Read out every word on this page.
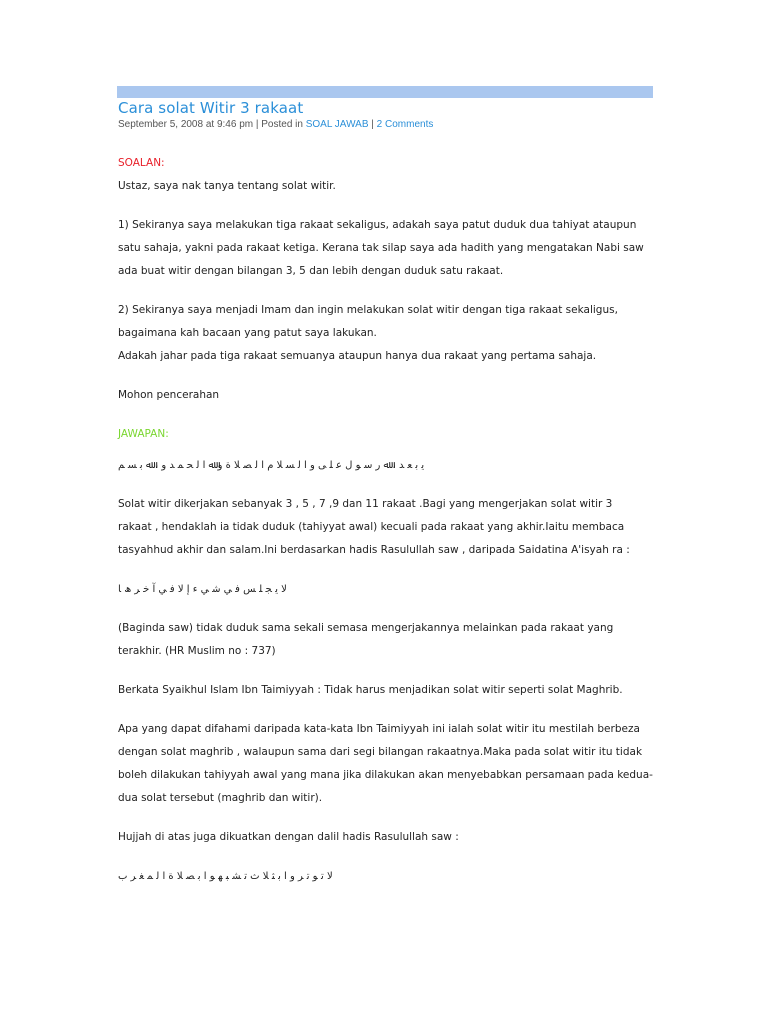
Cara solat Witir 3 rakaat
September 5, 2008 at 9:46 pm | Posted in SOAL JAWAB | 2 Comments
SOALAN:
Ustaz, saya nak tanya tentang solat witir.
1) Sekiranya saya melakukan tiga rakaat sekaligus, adakah saya patut duduk dua tahiyat ataupun
satu sahaja, yakni pada rakaat ketiga. Kerana tak silap saya ada hadith yang mengatakan Nabi saw
ada buat witir dengan bilangan 3, 5 dan lebih dengan duduk satu rakaat.
2) Sekiranya saya menjadi Imam dan ingin melakukan solat witir dengan tiga rakaat sekaligus,
bagaimana kah bacaan yang patut saya lakukan.
Adakah jahar pada tiga rakaat semuanya ataupun hanya dua rakaat yang pertama sahaja.
Mohon pencerahan
JAWAPAN:
ﯾ ﺑ ﻌ ﺪ ، ﷲ ر ﺳ ﻮ ل ﻋ ﻠ ﻰ و ا ﻟ ﺴ ﻼ م ا ﻟ ﺼ ﻼ ة و ﷲ ا ﻟ ﺤ ﻤ ﺪ و ، ﷲ ﺑ ﺴ ﻢ
Solat witir dikerjakan sebanyak 3 , 5 , 7 ,9 dan 11 rakaat .Bagi yang mengerjakan solat witir 3
rakaat , hendaklah ia tidak duduk (tahiyyat awal) kecuali pada rakaat yang akhir.Iaitu membaca
tasyahhud akhir dan salam.Ini berdasarkan hadis Rasulullah saw , daripada Saidatina A'isyah ra :
ﻻ ﯾ ﺠ ﻠ ﺲ ﻓ ﻲ ﺷ ﻲ ء إ ﻻ ﻓ ﻲ آ ﺧ ﺮ ھ ﺎ
(Baginda saw) tidak duduk sama sekali semasa mengerjakannya melainkan pada rakaat yang
terakhir. (HR Muslim no : 737)
Berkata Syaikhul Islam Ibn Taimiyyah : Tidak harus menjadikan solat witir seperti solat Maghrib.
Apa yang dapat difahami daripada kata-kata Ibn Taimiyyah ini ialah solat witir itu mestilah berbeza
dengan solat maghrib , walaupun sama dari segi bilangan rakaatnya.Maka pada solat witir itu tidak
boleh dilakukan tahiyyah awal yang mana jika dilakukan akan menyebabkan persamaan pada kedua-
dua solat tersebut (maghrib dan witir).
Hujjah di atas juga dikuatkan dengan dalil hadis Rasulullah saw :
ﻻ ﺗ ﻮ ﺗ ﺮ و ا ﺑ ﺜ ﻼ ث ﺗ ﺸ ﺒ ﮭ ﻮ ا ﺑ ﺼ ﻼ ة ا ﻟ ﻤ ﻐ ﺮ ب
